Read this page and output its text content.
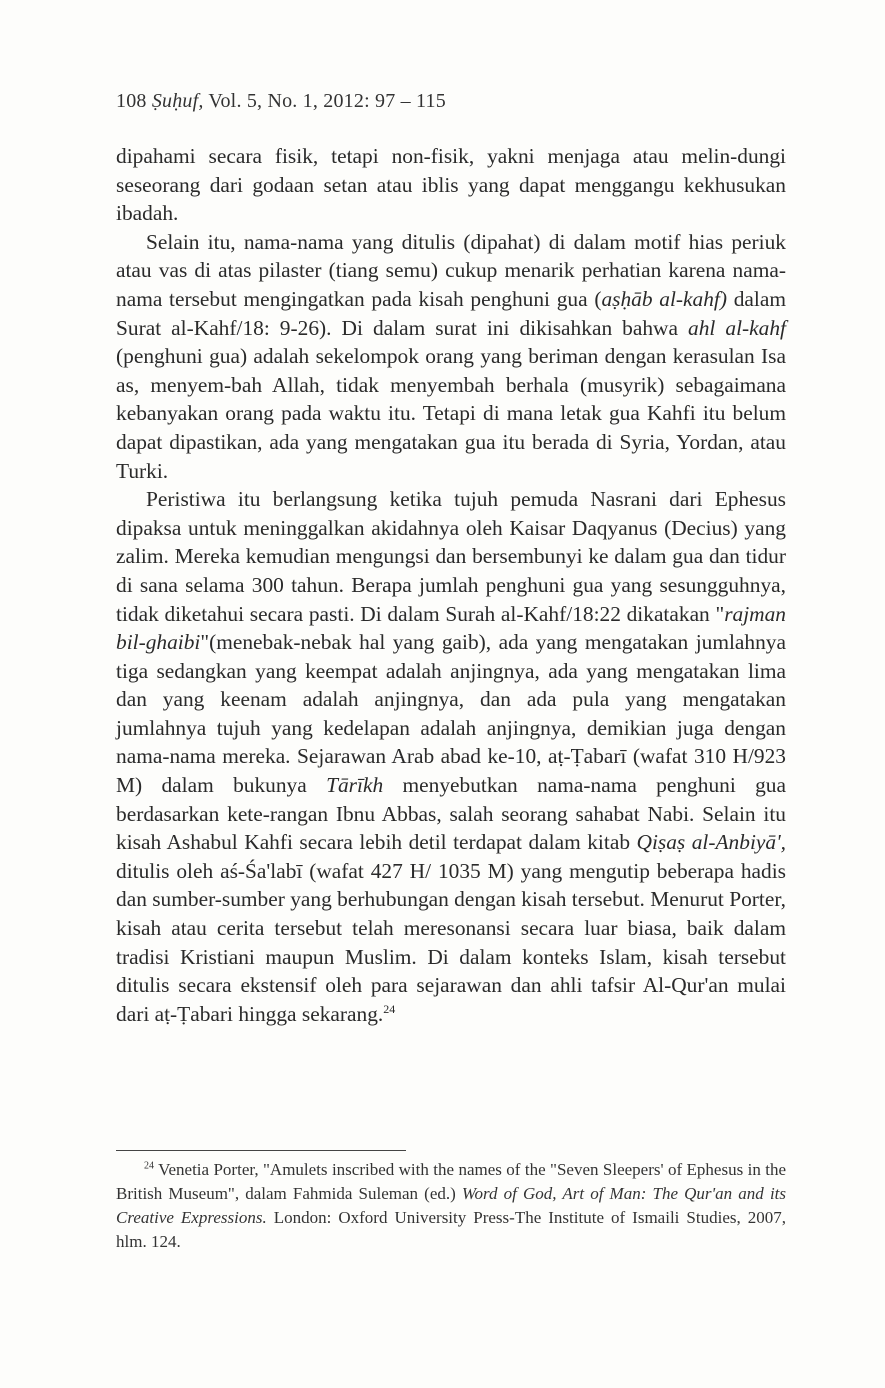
108 Ṣuḥuf, Vol. 5, No. 1, 2012: 97 – 115

dipahami secara fisik, tetapi non-fisik, yakni menjaga atau melin-dungi seseorang dari godaan setan atau iblis yang dapat menggangu kekhusukan ibadah.

Selain itu, nama-nama yang ditulis (dipahat) di dalam motif hias periuk atau vas di atas pilaster (tiang semu) cukup menarik perhatian karena nama-nama tersebut mengingatkan pada kisah penghuni gua (aṣḥāb al-kahf) dalam Surat al-Kahf/18: 9-26). Di dalam surat ini dikisahkan bahwa ahl al-kahf (penghuni gua) adalah sekelompok orang yang beriman dengan kerasulan Isa as, menyem-bah Allah, tidak menyembah berhala (musyrik) sebagaimana kebanyakan orang pada waktu itu. Tetapi di mana letak gua Kahfi itu belum dapat dipastikan, ada yang mengatakan gua itu berada di Syria, Yordan, atau Turki.

Peristiwa itu berlangsung ketika tujuh pemuda Nasrani dari Ephesus dipaksa untuk meninggalkan akidahnya oleh Kaisar Daqyanus (Decius) yang zalim. Mereka kemudian mengungsi dan bersembunyi ke dalam gua dan tidur di sana selama 300 tahun. Berapa jumlah penghuni gua yang sesungguhnya, tidak diketahui secara pasti. Di dalam Surah al-Kahf/18:22 dikatakan "rajman bil-ghaibi"(menebak-nebak hal yang gaib), ada yang mengatakan jumlahnya tiga sedangkan yang keempat adalah anjingnya, ada yang mengatakan lima dan yang keenam adalah anjingnya, dan ada pula yang mengatakan jumlahnya tujuh yang kedelapan adalah anjingnya, demikian juga dengan nama-nama mereka. Sejarawan Arab abad ke-10, aṭ-Ṭabarī (wafat 310 H/923 M) dalam bukunya Tārīkh menyebutkan nama-nama penghuni gua berdasarkan kete-rangan Ibnu Abbas, salah seorang sahabat Nabi. Selain itu kisah Ashabul Kahfi secara lebih detil terdapat dalam kitab Qiṣaṣ al-Anbiyā', ditulis oleh aś-Śa'labī (wafat 427 H/ 1035 M) yang mengutip beberapa hadis dan sumber-sumber yang berhubungan dengan kisah tersebut. Menurut Porter, kisah atau cerita tersebut telah meresonansi secara luar biasa, baik dalam tradisi Kristiani maupun Muslim. Di dalam konteks Islam, kisah tersebut ditulis secara ekstensif oleh para sejarawan dan ahli tafsir Al-Qur'an mulai dari aṭ-Ṭabari hingga sekarang.$^{24}$

$^{24}$ Venetia Porter, "Amulets inscribed with the names of the "Seven Sleepers' of Ephesus in the British Museum", dalam Fahmida Suleman (ed.) Word of God, Art of Man: The Qur'an and its Creative Expressions. London: Oxford University Press-The Institute of Ismaili Studies, 2007, hlm. 124.
